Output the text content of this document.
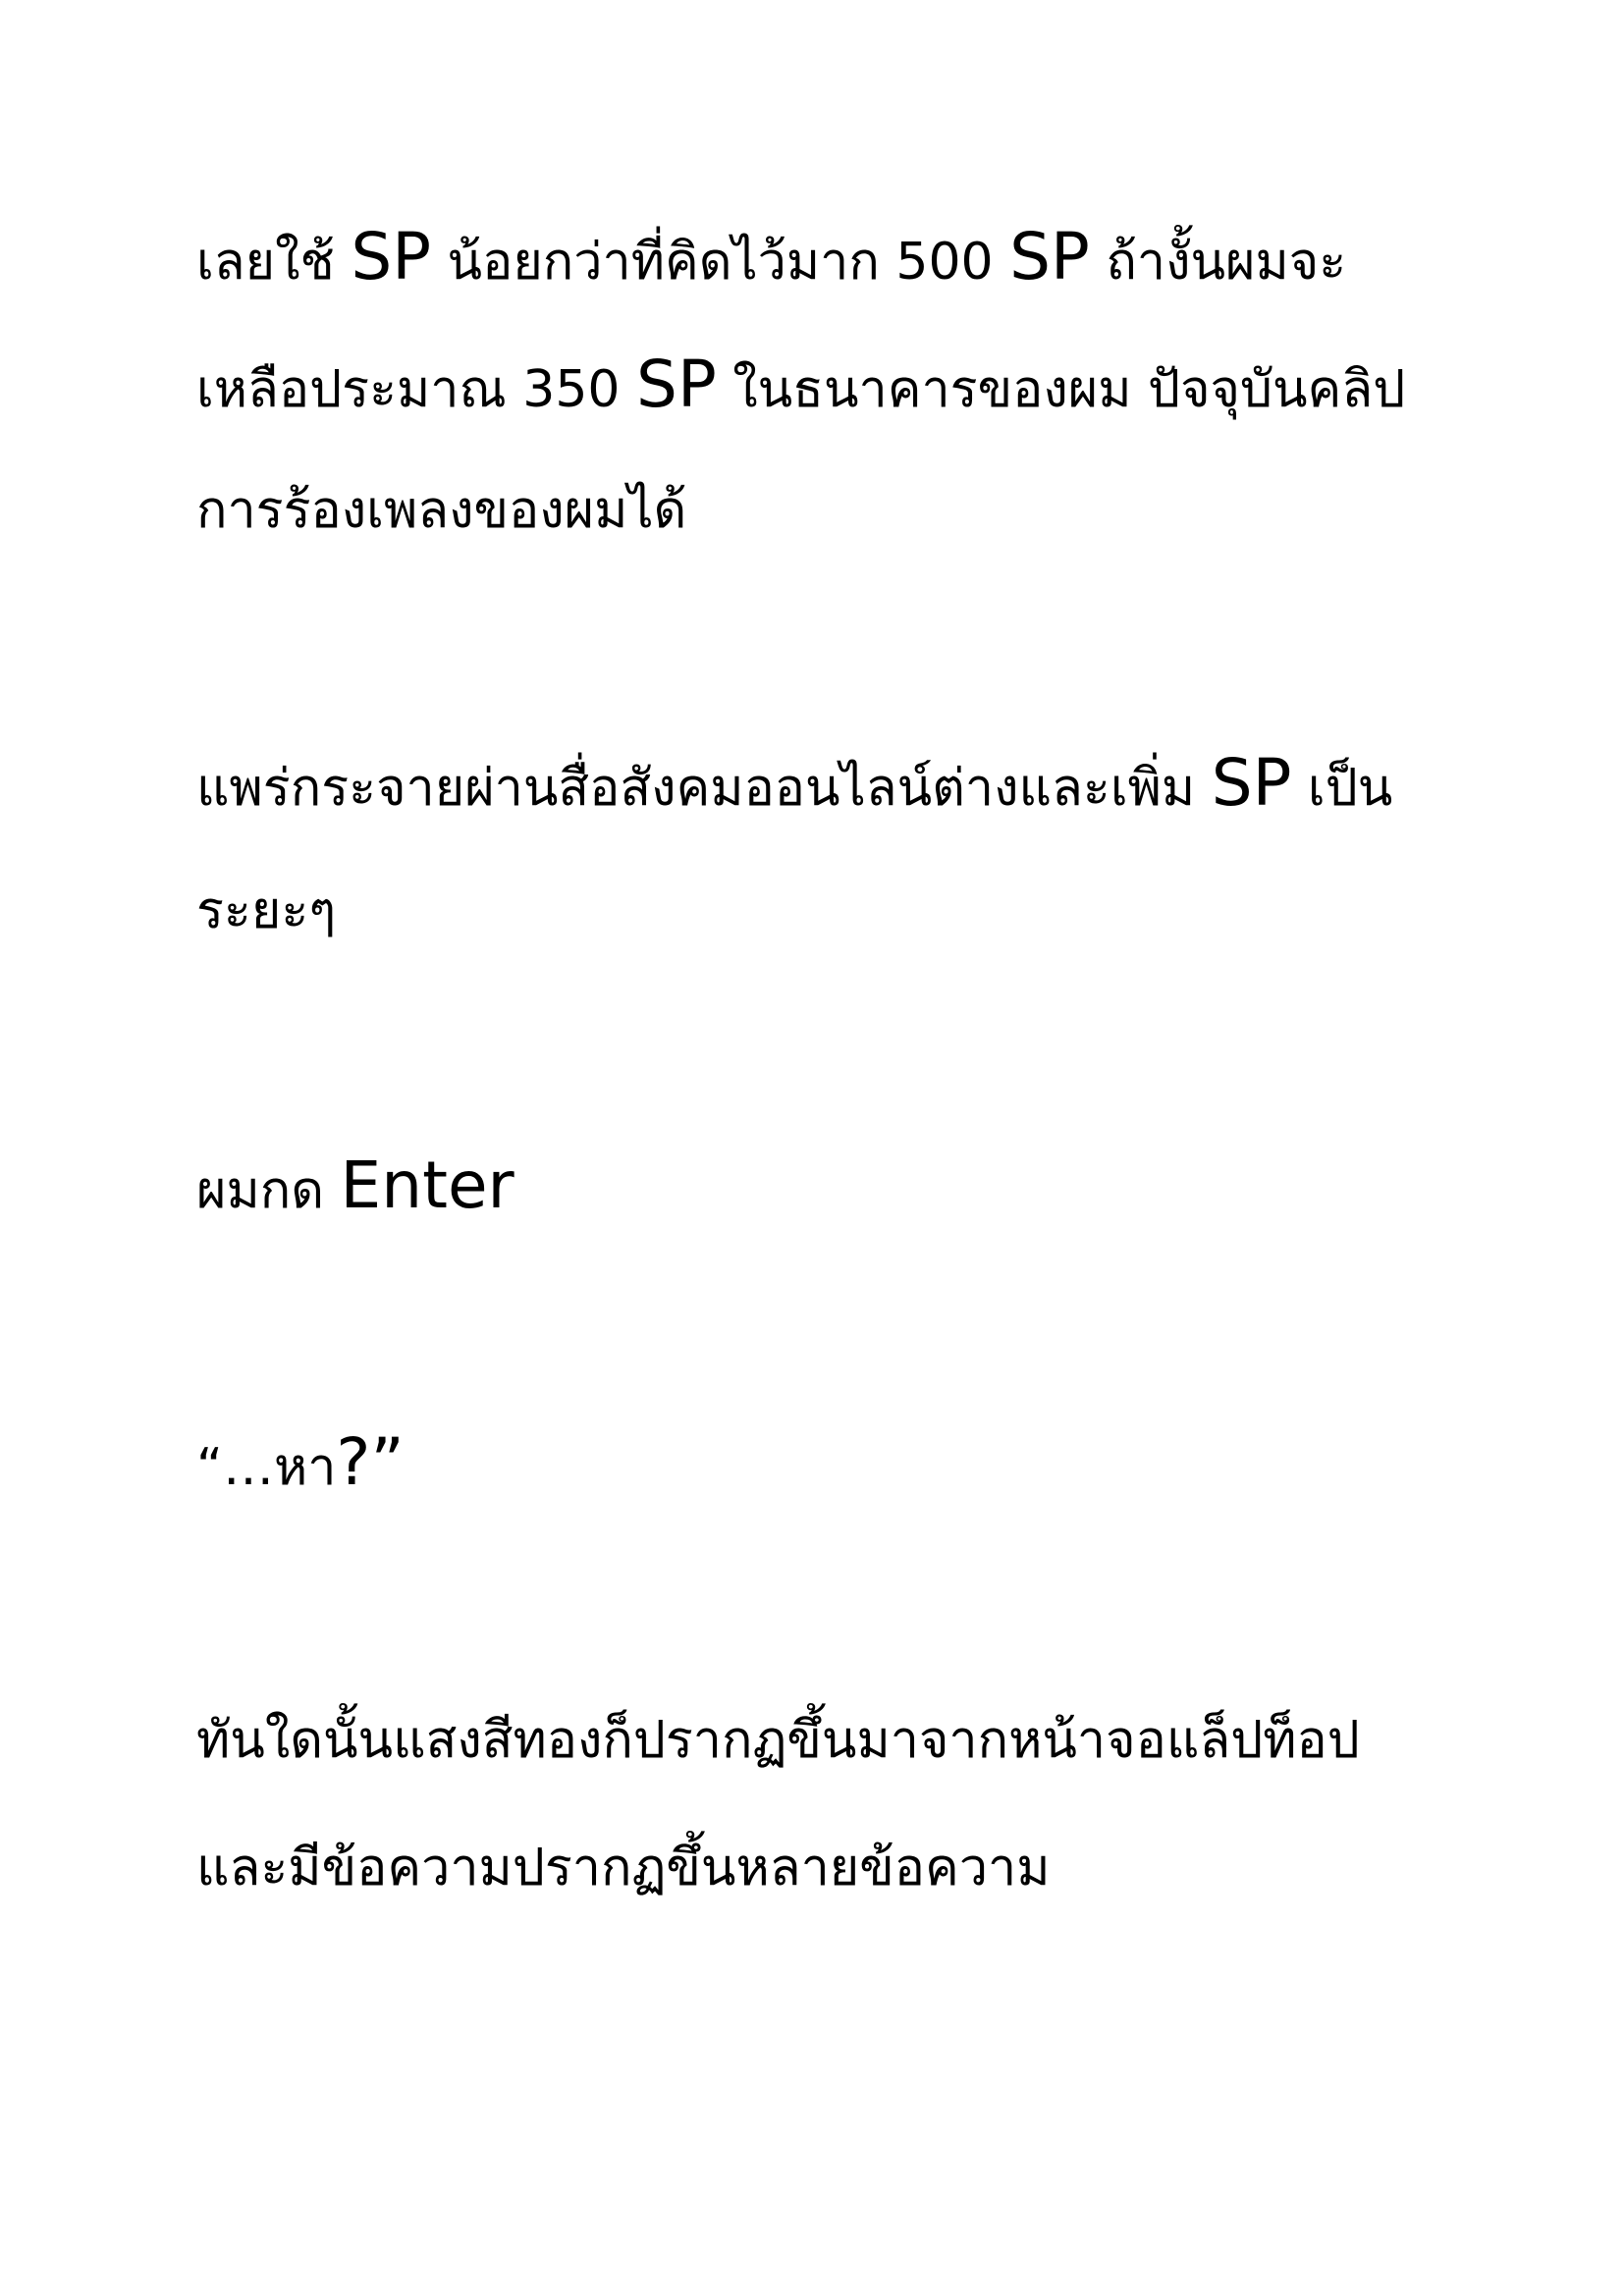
เลยใช้ SP น้อยกว่าที่คิดไว้มาก 500 SP ถ้างั้นผมจะ
เหลือประมาณ 350 SP ในธนาคารของผม ปัจจุบันคลิป
การร้องเพลงของผมได้
แพร่กระจายผ่านสื่อสังคมออนไลน์ต่างและเพิ่ม SP เป็น
ระยะๆ
ผมกด Enter
“…หา?”
ทันใดนั้นแสงสีทองก็ปรากฏขึ้นมาจากหน้าจอแล็ปท็อป
และมีข้อความปรากฏขึ้นหลายข้อความ
